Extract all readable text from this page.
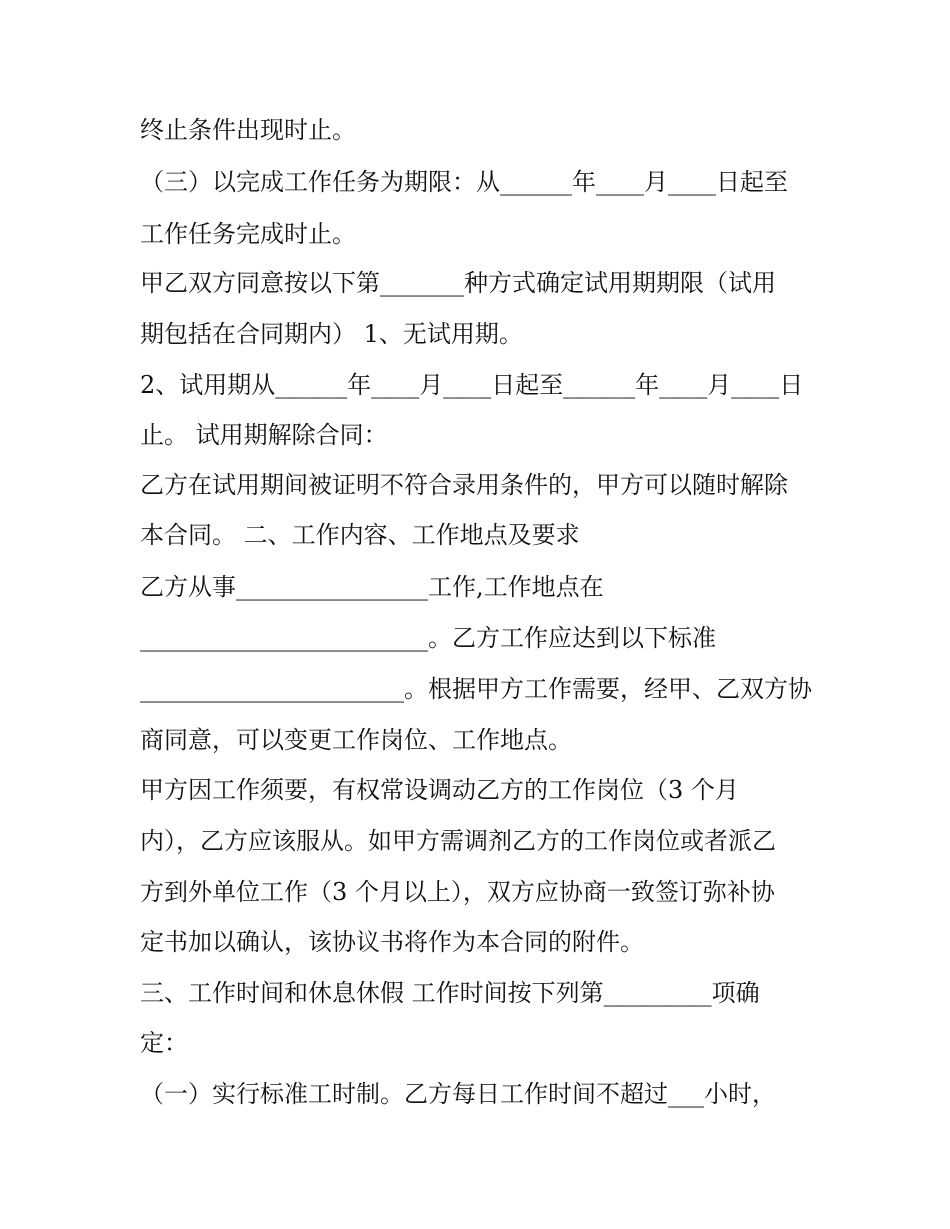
终止条件出现时止。
（三）以完成工作任务为期限：从______年____月____日起至
工作任务完成时止。
甲乙双方同意按以下第_______种方式确定试用期期限（试用
期包括在合同期内） 1、无试用期。
2、试用期从______年____月____日起至______年____月____日
止。 试用期解除合同：
乙方在试用期间被证明不符合录用条件的，甲方可以随时解除
本合同。 二、工作内容、工作地点及要求
乙方从事________________工作,工作地点在
________________________。乙方工作应达到以下标准
______________________。根据甲方工作需要，经甲、乙双方协
商同意，可以变更工作岗位、工作地点。
甲方因工作须要，有权常设调动乙方的工作岗位（3 个月
内），乙方应该服从。如甲方需调剂乙方的工作岗位或者派乙
方到外单位工作（3 个月以上），双方应协商一致签订弥补协
定书加以确认，该协议书将作为本合同的附件。
三、工作时间和休息休假 工作时间按下列第_________项确
定：
（一）实行标准工时制。乙方每日工作时间不超过___小时，
